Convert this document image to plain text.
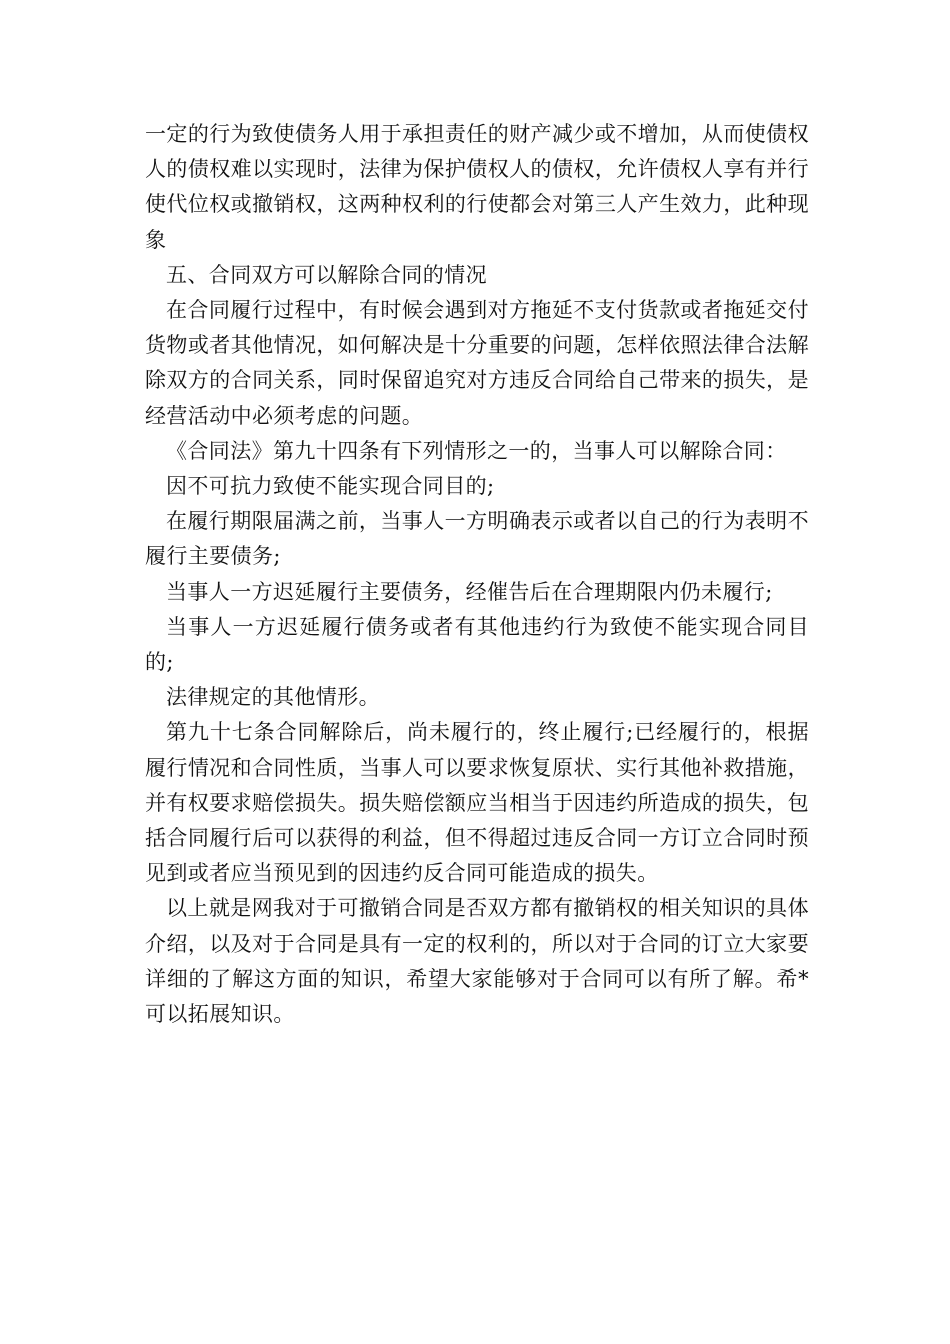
一定的行为致使债务人用于承担责任的财产减少或不增加，从而使债权人的债权难以实现时，法律为保护债权人的债权，允许债权人享有并行使代位权或撤销权，这两种权利的行使都会对第三人产生效力，此种现象

五、合同双方可以解除合同的情况

在合同履行过程中，有时候会遇到对方拖延不支付货款或者拖延交付货物或者其他情况，如何解决是十分重要的问题，怎样依照法律合法解除双方的合同关系，同时保留追究对方违反合同给自己带来的损失，是经营活动中必须考虑的问题。

《合同法》第九十四条有下列情形之一的，当事人可以解除合同：

因不可抗力致使不能实现合同目的;

在履行期限届满之前，当事人一方明确表示或者以自己的行为表明不履行主要债务;

当事人一方迟延履行主要债务，经催告后在合理期限内仍未履行;

当事人一方迟延履行债务或者有其他违约行为致使不能实现合同目的;

法律规定的其他情形。

第九十七条合同解除后，尚未履行的，终止履行;已经履行的，根据履行情况和合同性质，当事人可以要求恢复原状、实行其他补救措施，并有权要求赔偿损失。损失赔偿额应当相当于因违约所造成的损失，包括合同履行后可以获得的利益，但不得超过违反合同一方订立合同时预见到或者应当预见到的因违约反合同可能造成的损失。

以上就是网我对于可撤销合同是否双方都有撤销权的相关知识的具体介绍，以及对于合同是具有一定的权利的，所以对于合同的订立大家要详细的了解这方面的知识，希望大家能够对于合同可以有所了解。希*可以拓展知识。
